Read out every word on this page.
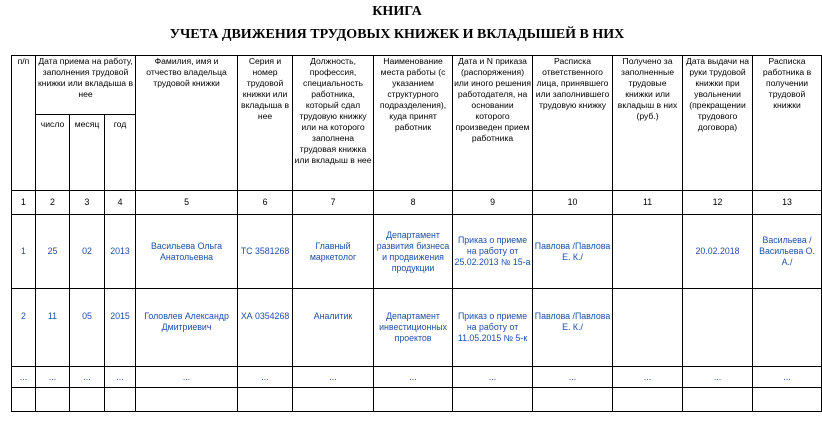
КНИГА
УЧЕТА ДВИЖЕНИЯ ТРУДОВЫХ КНИЖЕК И ВКЛАДЫШЕЙ В НИХ
п/п	Дата приема на работу, заполнения трудовой книжки или вкладыша в нее			Фамилия, имя и отчество владельца трудовой книжки	Серия и номер трудовой книжки или вкладыша в нее	Должность, профессия, специальность работника, который сдал трудовую книжку или на которого заполнена трудовая книжка или вкладыш в нее	Наименование места работы (с указанием структурного подразделения), куда принят работник	Дата и N приказа (распоряжения) или иного решения работодателя, на основании которого произведен прием работника	Расписка ответственного лица, принявшего или заполнившего трудовую книжку	Получено за заполненные трудовые книжки или вкладыш в них (руб.)	Дата выдачи на руки трудовой книжки при увольнении (прекращении трудового договора)	Расписка работника в получении трудовой книжки
	число	месяц	год									
1	2	3	4	5	6	7	8	9	10	11	12	13
1	25	02	2013	Васильева Ольга Анатольевна	ТС 3581268	Главный маркетолог	Департамент развития бизнеса и продвижения продукции	Приказ о приеме на работу от 25.02.2013 № 15-а	Павлова /Павлова Е. К./		20.02.2018	Васильева /Васильева О. А./
2	11	05	2015	Головлев Александр Дмитриевич	ХА 0354268	Аналитик	Департамент инвестиционных проектов	Приказ о приеме на работу от 11.05.2015 № 5-к	Павлова /Павлова Е. К./			
...	...	...	...	...	...	...	...	...	...	...	...	...
